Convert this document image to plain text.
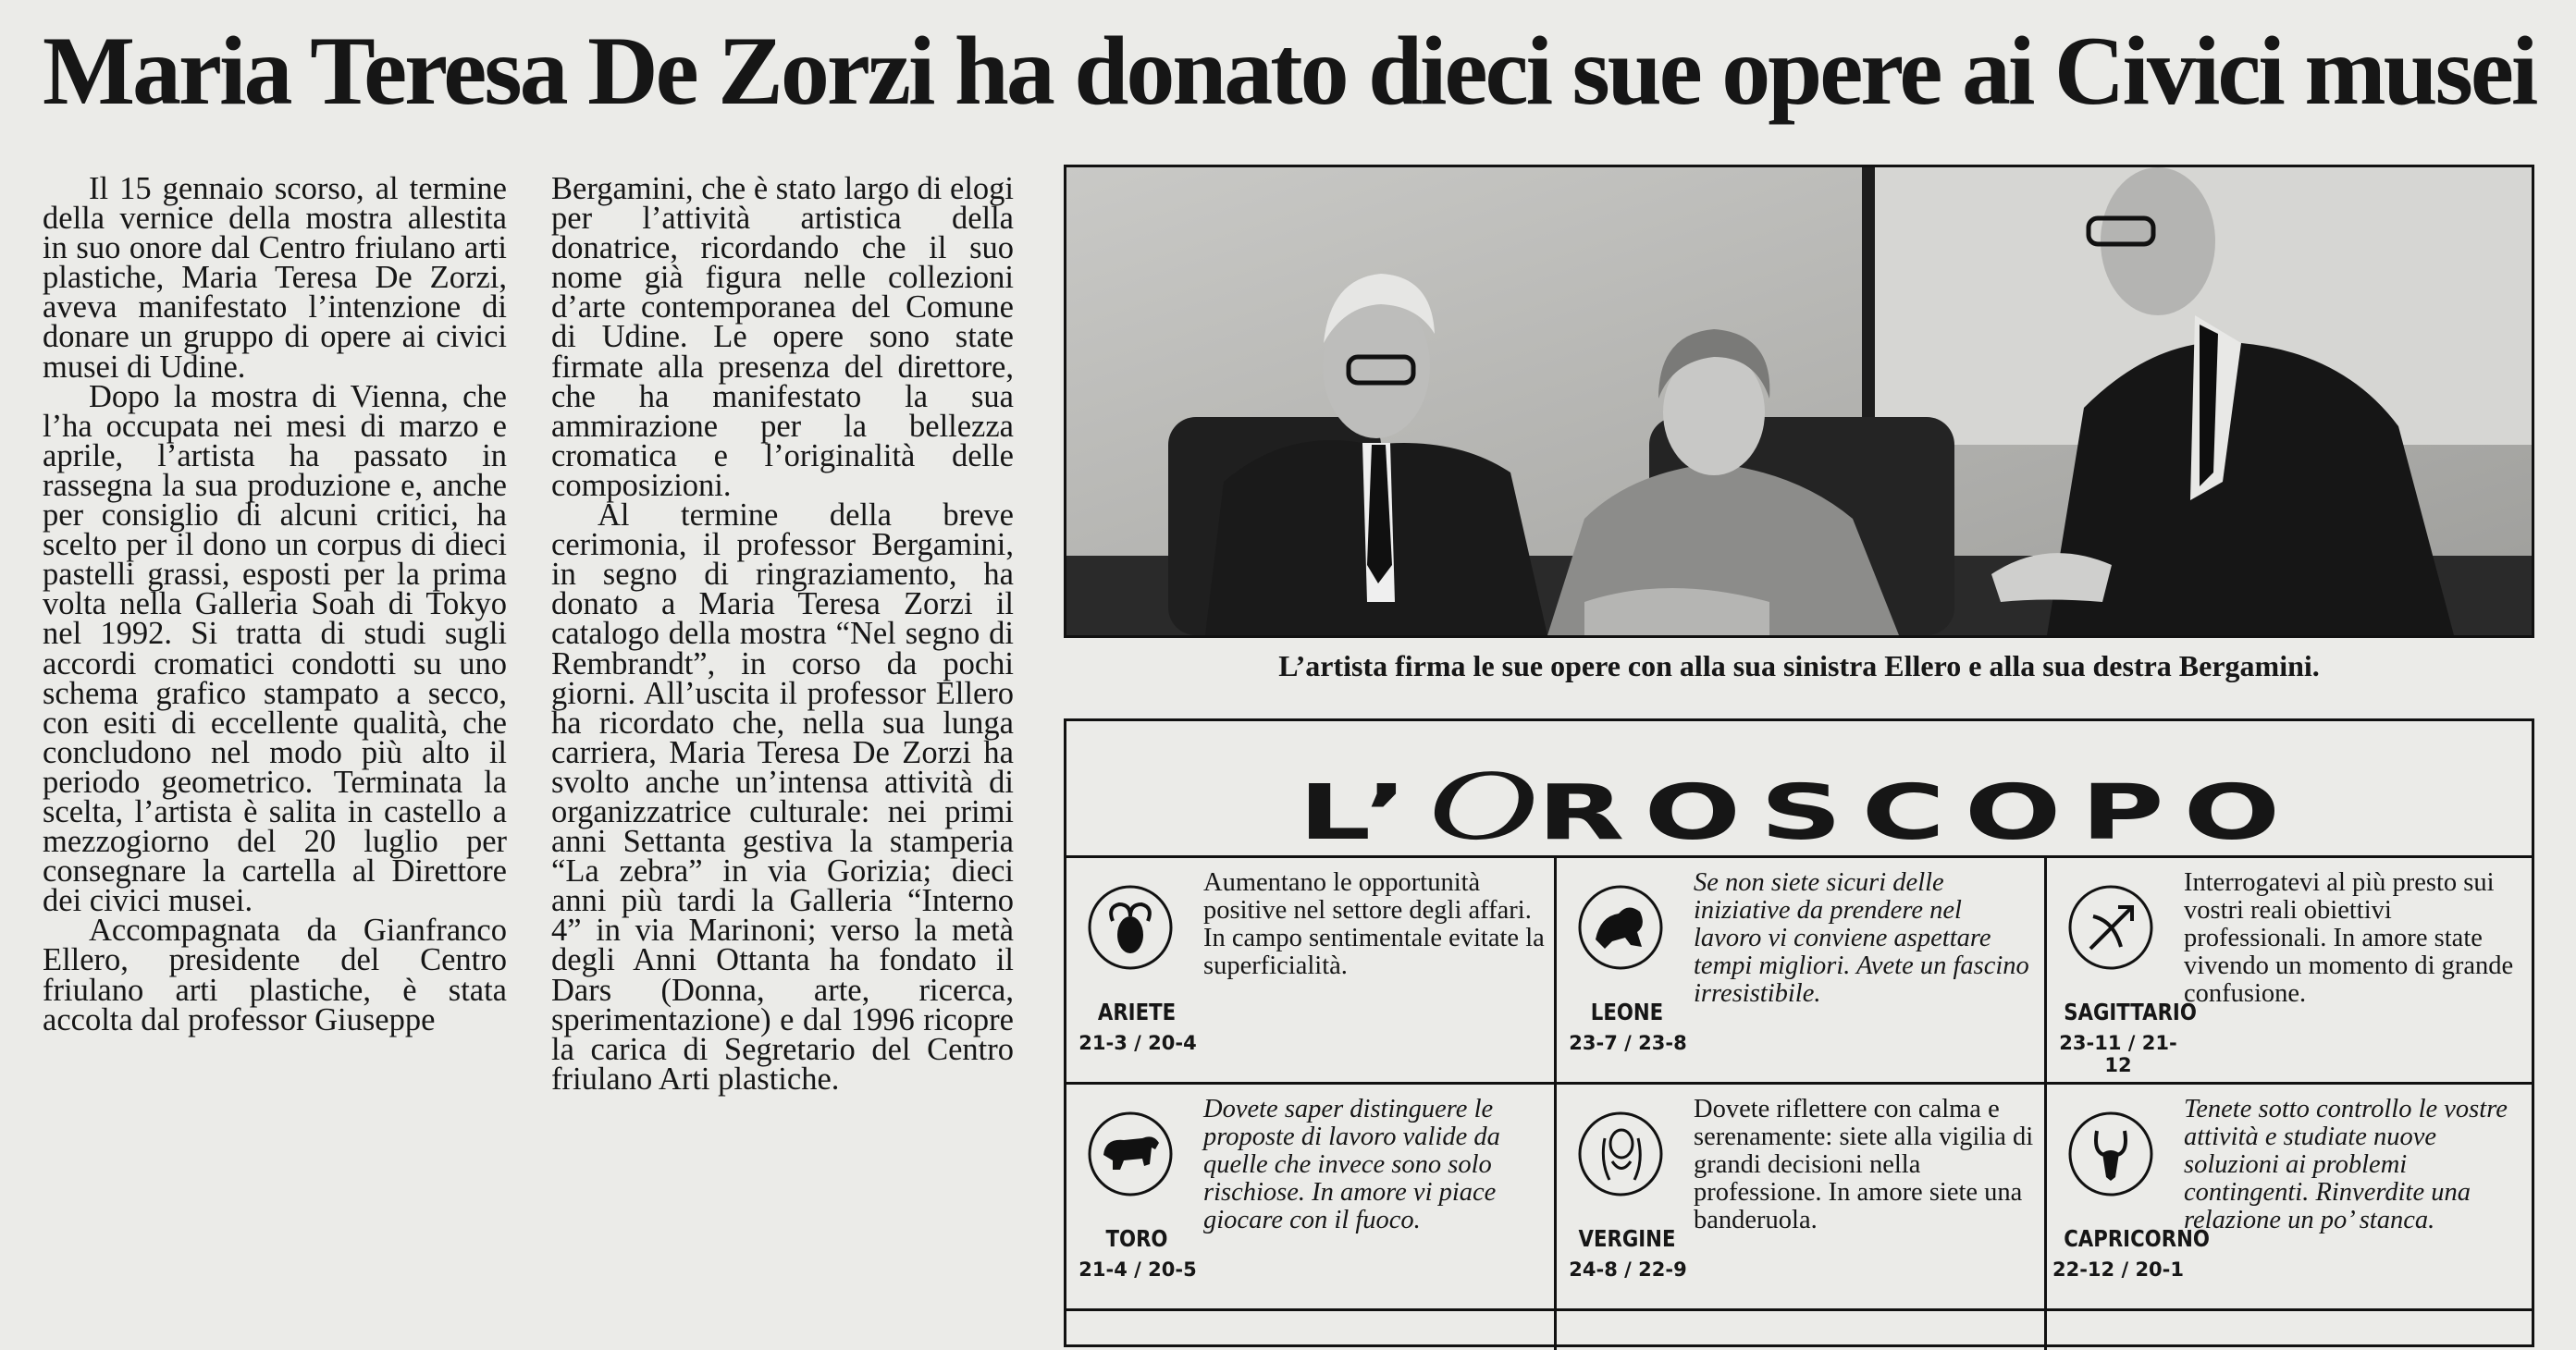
Maria Teresa De Zorzi ha donato dieci sue opere ai Civici musei

Il 15 gennaio scorso, al termine della vernice della mostra allestita in suo onore dal Centro friulano arti plastiche, Maria Teresa De Zorzi, aveva manifestato l’intenzione di donare un gruppo di opere ai civici musei di Udine.

Dopo la mostra di Vienna, che l’ha occupata nei mesi di marzo e aprile, l’artista ha passato in rassegna la sua produzione e, anche per consiglio di alcuni critici, ha scelto per il dono un corpus di dieci pastelli grassi, esposti per la prima volta nella Galleria Soah di Tokyo nel 1992. Si tratta di studi sugli accordi cromatici condotti su uno schema grafico stampato a secco, con esiti di eccellente qualità, che concludono nel modo più alto il periodo geometrico. Terminata la scelta, l’artista è salita in castello a mezzogiorno del 20 luglio per consegnare la cartella al Direttore dei civici musei.

Accompagnata da Gianfranco Ellero, presidente del Centro friulano arti plastiche, è stata accolta dal professor Giuseppe

Bergamini, che è stato largo di elogi per l’attività artistica della donatrice, ricordando che il suo nome già figura nelle collezioni d’arte contemporanea del Comune di Udine. Le opere sono state firmate alla presenza del direttore, che ha manifestato la sua ammirazione per la bellezza cromatica e l’originalità delle composizioni.

Al termine della breve cerimonia, il professor Bergamini, in segno di ringraziamento, ha donato a Maria Teresa Zorzi il catalogo della mostra “Nel segno di Rembrandt”, in corso da pochi giorni. All’uscita il professor Ellero ha ricordato che, nella sua lunga carriera, Maria Teresa De Zorzi ha svolto anche un’intensa attività di organizzatrice culturale: nei primi anni Settanta gestiva la stamperia “La zebra” in via Gorizia; dieci anni più tardi la Galleria “Interno 4” in via Marinoni; verso la metà degli Anni Ottanta ha fondato il Dars (Donna, arte, ricerca, sperimentazione) e dal 1996 ricopre la carica di Segretario del Centro friulano Arti plastiche.

L’artista firma le sue opere con alla sua sinistra Ellero e alla sua destra Bergamini.
L’OROSCOPO
ARIETE
21-3 / 20-4
Aumentano le opportunità positive nel settore degli affari. In campo sentimentale evitate la superficialità.
LEONE
23-7 / 23-8
Se non siete sicuri delle iniziative da prendere nel lavoro vi conviene aspettare tempi migliori. Avete un fascino irresistibile.
SAGITTARIO
23-11 / 21-12
Interrogatevi al più presto sui vostri reali obiettivi professionali. In amore state vivendo un momento di grande confusione.
TORO
21-4 / 20-5
Dovete saper distinguere le proposte di lavoro valide da quelle che invece sono solo rischiose. In amore vi piace giocare con il fuoco.
VERGINE
24-8 / 22-9
Dovete riflettere con calma e serenamente: siete alla vigilia di grandi decisioni nella professione. In amore siete una banderuola.
CAPRICORNO
22-12 / 20-1
Tenete sotto controllo le vostre attività e studiate nuove soluzioni ai problemi contingenti. Rinverdite una relazione un po’ stanca.
